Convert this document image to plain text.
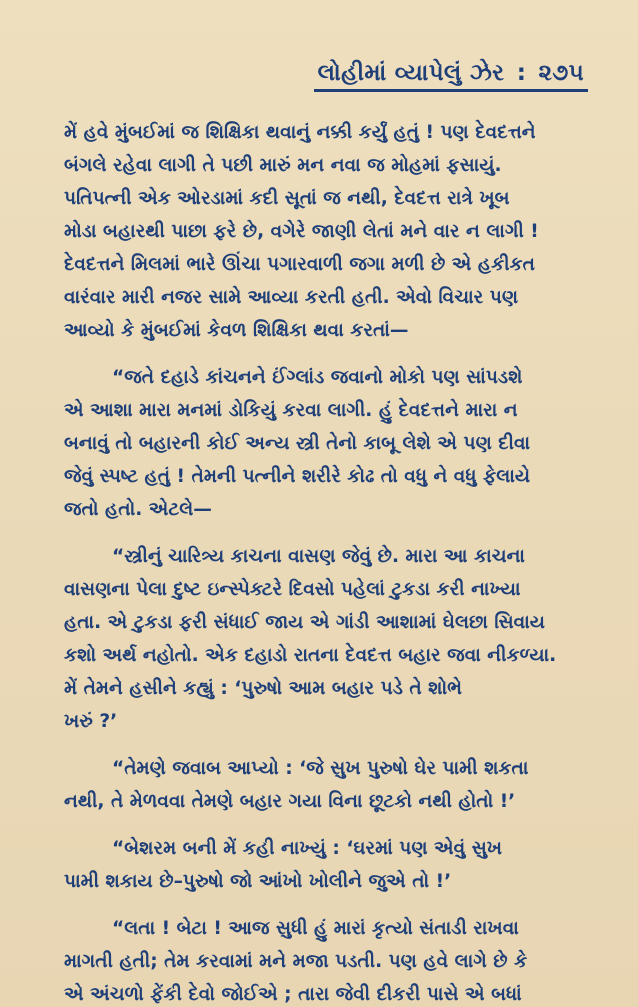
લોહીમાં વ્યાપેલું ઝેર : ૨૭૫

મેં હવે મુંબઈમાં જ શિક્ષિકા થવાનું નક્કી કર્યું હતું ! પણ દેવદત્તને
બંગલે રહેવા લાગી તે પછી મારું મન નવા જ મોહમાં ફસાયું.
પતિપત્ની એક ઓરડામાં કદી સૂતાં જ નથી, દેવદત્ત રાત્રે ખૂબ
મોડા બહારથી પાછા ફરે છે, વગેરે જાણી લેતાં મને વાર ન લાગી !
દેવદત્તને મિલમાં ભારે ઊંચા પગારવાળી જગા મળી છે એ હકીકત
વારંવાર મારી નજર સામે આવ્યા કરતી હતી. એવો વિચાર પણ
આવ્યો કે મુંબઈમાં કેવળ શિક્ષિકા થવા કરતાં—

“જતે દહાડે કાંચનને ઈંગ્લાંડ જવાનો મોકો પણ સાંપડશે
એ આશા મારા મનમાં ડોકિયું કરવા લાગી. હું દેવદત્તને મારા ન
બનાવું તો બહારની કોઈ અન્ય સ્ત્રી તેનો કાબૂ લેશે એ પણ દીવા
જેવું સ્પષ્ટ હતું ! તેમની પત્નીને શરીરે કોઢ તો વધુ ને વધુ ફેલાયે
જતો હતો. એટલે—

“સ્ત્રીનું ચારિત્ર્ય કાચના વાસણ જેવું છે. મારા આ કાચના
વાસણના પેલા દુષ્ટ ઇન્સ્પેક્ટરે દિવસો પહેલાં ટુકડા કરી નાખ્યા
હતા. એ ટુકડા ફરી સંધાઈ જાય એ ગાંડી આશામાં ઘેલછા સિવાય
કશો અર્થ નહોતો. એક દહાડો રાતના દેવદત્ત બહાર જવા નીકળ્યા.
મેં તેમને હસીને કહ્યું : ‘પુરુષો આમ બહાર પડે તે શોભે
ખરું ?’

“તેમણે જવાબ આપ્યો : ‘જે સુખ પુરુષો ઘેર પામી શકતા
નથી, તે મેળવવા તેમણે બહાર ગયા વિના છૂટકો નથી હોતો !’

“બેશરમ બની મેં કહી નાખ્યું : ‘ઘરમાં પણ એવું સુખ
પામી શકાય છે–પુરુષો જો આંખો ખોલીને જુએ તો !’

“લતા ! બેટા ! આજ સુધી હું મારાં કૃત્યો સંતાડી રાખવા
માગતી હતી; તેમ કરવામાં મને મજા પડતી. પણ હવે લાગે છે કે
એ અંચળો ફેંકી દેવો જોઈએ ; તારા જેવી દીકરી પાસે એ બધાં
